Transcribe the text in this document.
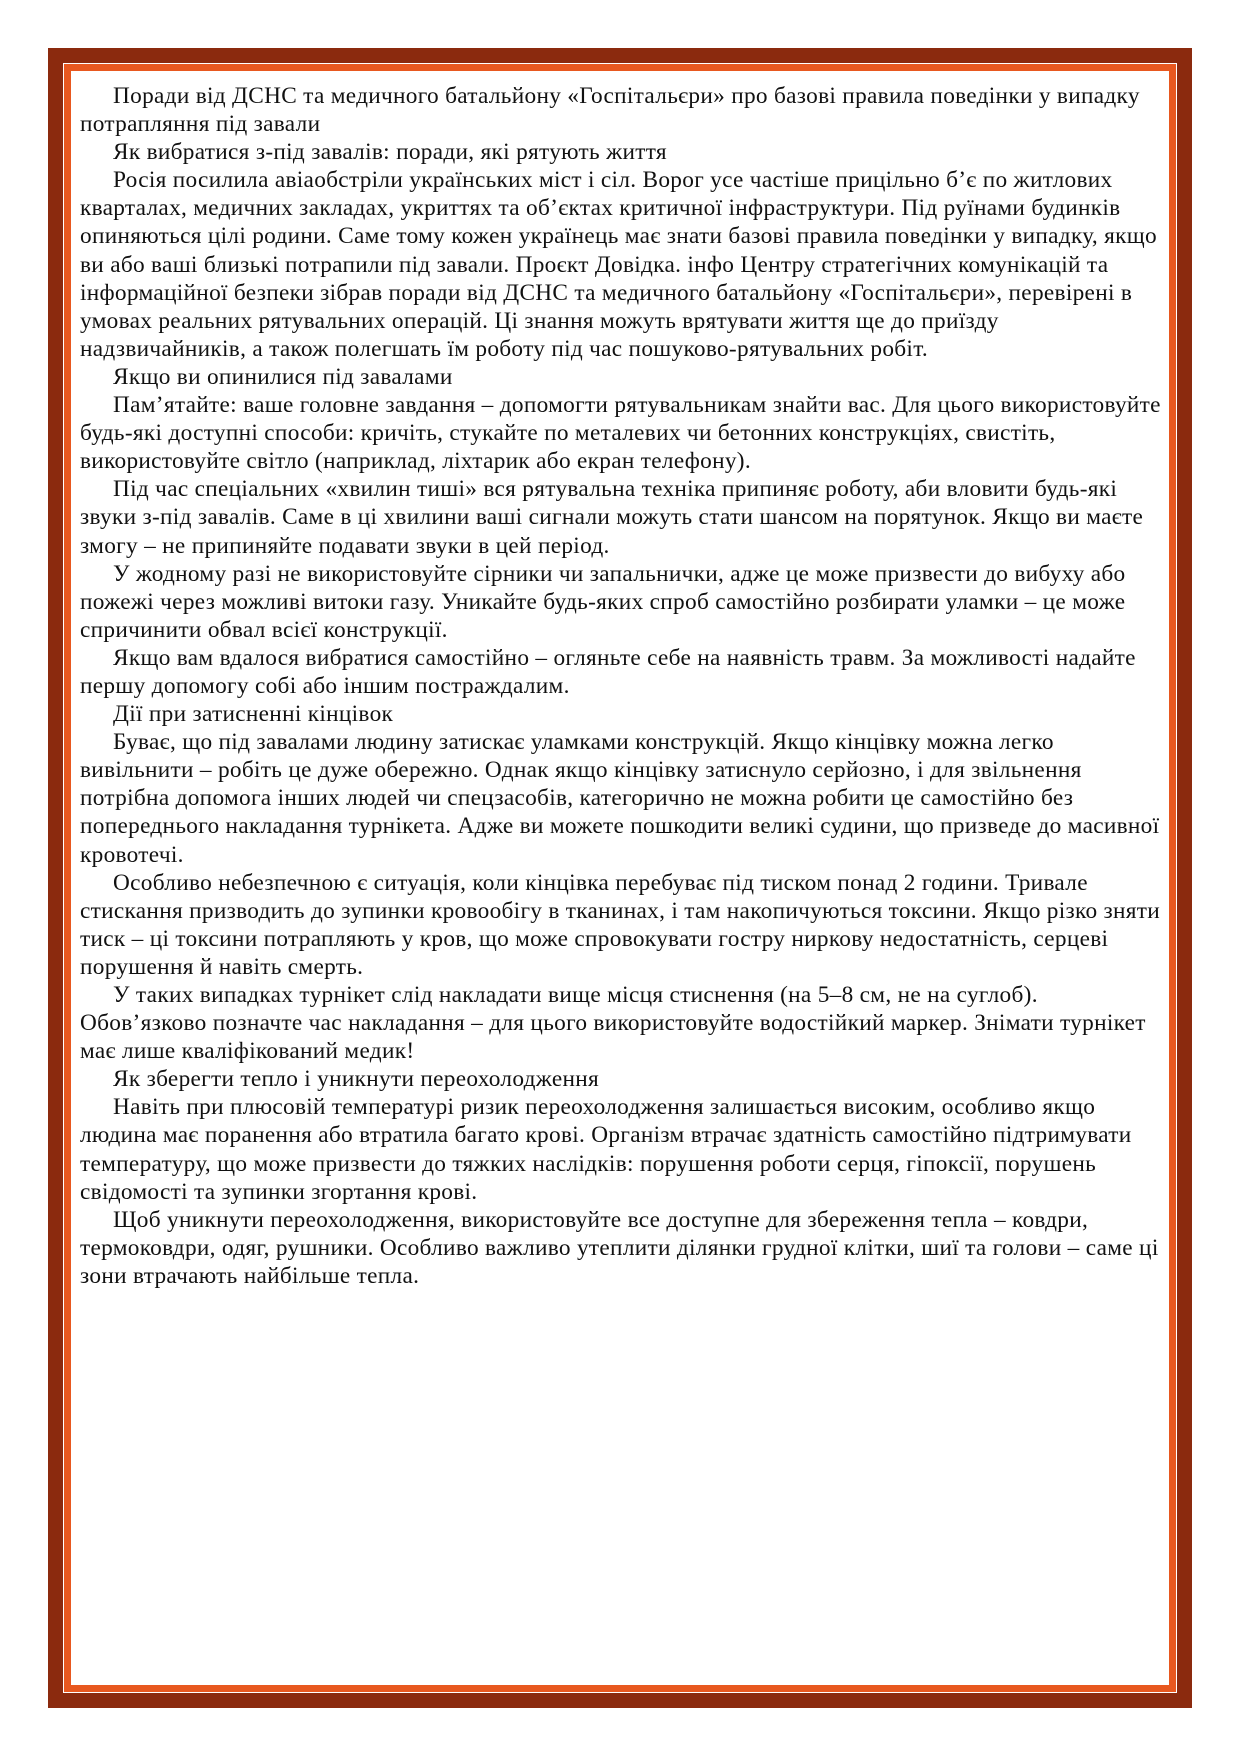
Поради від ДСНС та медичного батальйону «Госпітальєри» про базові правила поведінки у випадку потрапляння під завали

Як вибратися з-під завалів: поради, які рятують життя

Росія посилила авіаобстріли українських міст і сіл. Ворог усе частіше прицільно б’є по житлових кварталах, медичних закладах, укриттях та об’єктах критичної інфраструктури. Під руїнами будинків опиняються цілі родини. Саме тому кожен українець має знати базові правила поведінки у випадку, якщо ви або ваші близькі потрапили під завали. Проєкт Довідка. інфо Центру стратегічних комунікацій та інформаційної безпеки зібрав поради від ДСНС та медичного батальйону «Госпітальєри», перевірені в умовах реальних рятувальних операцій. Ці знання можуть врятувати життя ще до приїзду надзвичайників, а також полегшать їм роботу під час пошуково-рятувальних робіт.

Якщо ви опинилися під завалами

Пам’ятайте: ваше головне завдання – допомогти рятувальникам знайти вас. Для цього використовуйте будь-які доступні способи: кричіть, стукайте по металевих чи бетонних конструкціях, свистіть, використовуйте світло (наприклад, ліхтарик або екран телефону).

Під час спеціальних «хвилин тиші» вся рятувальна техніка припиняє роботу, аби вловити будь-які звуки з-під завалів. Саме в ці хвилини ваші сигнали можуть стати шансом на порятунок. Якщо ви маєте змогу – не припиняйте подавати звуки в цей період.

У жодному разі не використовуйте сірники чи запальнички, адже це може призвести до вибуху або пожежі через можливі витоки газу. Уникайте будь-яких спроб самостійно розбирати уламки – це може спричинити обвал всієї конструкції.

Якщо вам вдалося вибратися самостійно – огляньте себе на наявність травм. За можливості надайте першу допомогу собі або іншим постраждалим.

Дії при затисненні кінцівок

Буває, що під завалами людину затискає уламками конструкцій. Якщо кінцівку можна легко вивільнити – робіть це дуже обережно. Однак якщо кінцівку затиснуло серйозно, і для звільнення потрібна допомога інших людей чи спецзасобів, категорично не можна робити це самостійно без попереднього накладання турнікета. Адже ви можете пошкодити великі судини, що призведе до масивної кровотечі.

Особливо небезпечною є ситуація, коли кінцівка перебуває під тиском понад 2 години. Тривале стискання призводить до зупинки кровообігу в тканинах, і там накопичуються токсини. Якщо різко зняти тиск – ці токсини потрапляють у кров, що може спровокувати гостру ниркову недостатність, серцеві порушення й навіть смерть.

У таких випадках турнікет слід накладати вище місця стиснення (на 5–8 см, не на суглоб). Обов’язково позначте час накладання – для цього використовуйте водостійкий маркер. Знімати турнікет має лише кваліфікований медик!

Як зберегти тепло і уникнути переохолодження

Навіть при плюсовій температурі ризик переохолодження залишається високим, особливо якщо людина має поранення або втратила багато крові. Організм втрачає здатність самостійно підтримувати температуру, що може призвести до тяжких наслідків: порушення роботи серця, гіпоксії, порушень свідомості та зупинки згортання крові.

Щоб уникнути переохолодження, використовуйте все доступне для збереження тепла – ковдри, термоковдри, одяг, рушники. Особливо важливо утеплити ділянки грудної клітки, шиї та голови – саме ці зони втрачають найбільше тепла.
